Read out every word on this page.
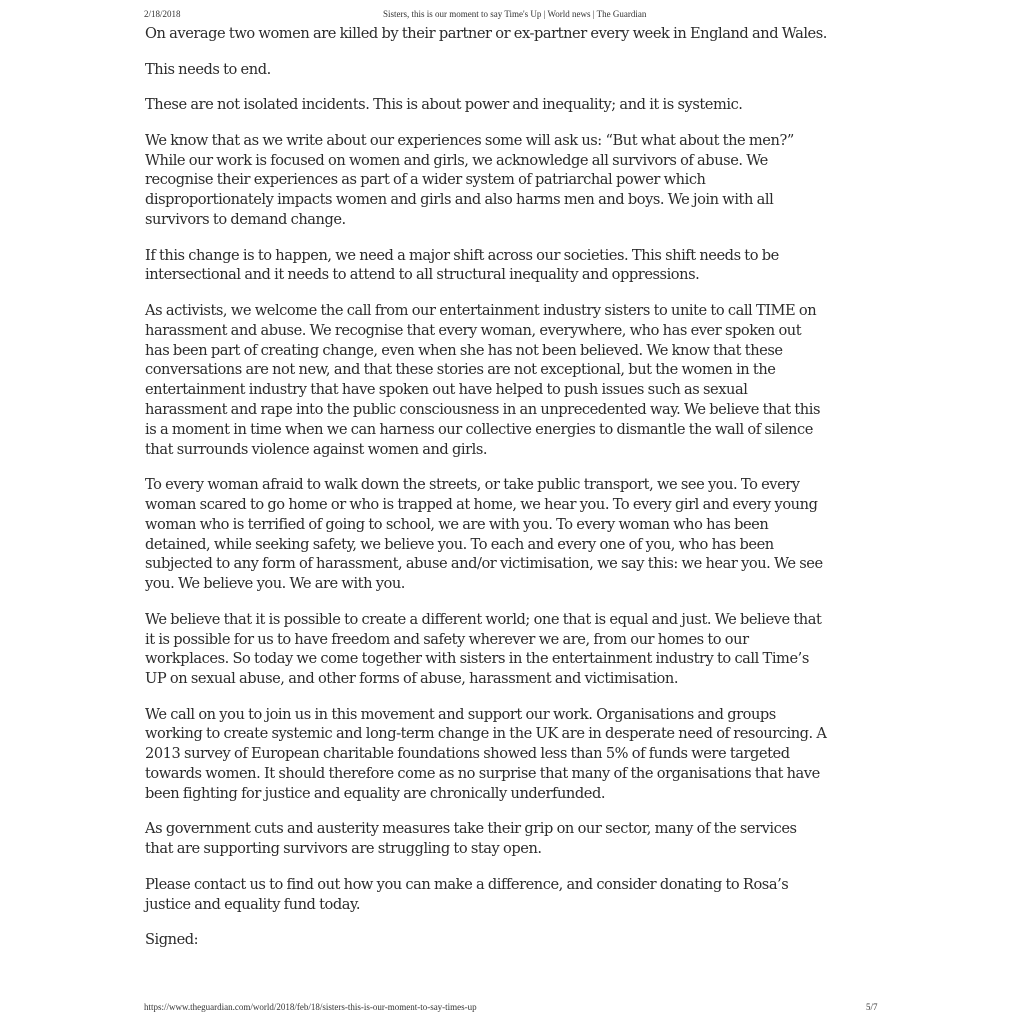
2/18/2018	Sisters, this is our moment to say Time's Up | World news | The Guardian

On average two women are killed by their partner or ex-partner every week in England and Wales.

This needs to end.

These are not isolated incidents. This is about power and inequality; and it is systemic.

We know that as we write about our experiences some will ask us: “But what about the men?”
While our work is focused on women and girls, we acknowledge all survivors of abuse. We
recognise their experiences as part of a wider system of patriarchal power which
disproportionately impacts women and girls and also harms men and boys. We join with all
survivors to demand change.

If this change is to happen, we need a major shift across our societies. This shift needs to be
intersectional and it needs to attend to all structural inequality and oppressions.

As activists, we welcome the call from our entertainment industry sisters to unite to call TIME on
harassment and abuse. We recognise that every woman, everywhere, who has ever spoken out
has been part of creating change, even when she has not been believed. We know that these
conversations are not new, and that these stories are not exceptional, but the women in the
entertainment industry that have spoken out have helped to push issues such as sexual
harassment and rape into the public consciousness in an unprecedented way. We believe that this
is a moment in time when we can harness our collective energies to dismantle the wall of silence
that surrounds violence against women and girls.

To every woman afraid to walk down the streets, or take public transport, we see you. To every
woman scared to go home or who is trapped at home, we hear you. To every girl and every young
woman who is terrified of going to school, we are with you. To every woman who has been
detained, while seeking safety, we believe you. To each and every one of you, who has been
subjected to any form of harassment, abuse and/or victimisation, we say this: we hear you. We see
you. We believe you. We are with you.

We believe that it is possible to create a different world; one that is equal and just. We believe that
it is possible for us to have freedom and safety wherever we are, from our homes to our
workplaces. So today we come together with sisters in the entertainment industry to call Time’s
UP on sexual abuse, and other forms of abuse, harassment and victimisation.

We call on you to join us in this movement and support our work. Organisations and groups
working to create systemic and long-term change in the UK are in desperate need of resourcing. A
2013 survey of European charitable foundations showed less than 5% of funds were targeted
towards women. It should therefore come as no surprise that many of the organisations that have
been fighting for justice and equality are chronically underfunded.

As government cuts and austerity measures take their grip on our sector, many of the services
that are supporting survivors are struggling to stay open.

Please contact us to find out how you can make a difference, and consider donating to Rosa’s
justice and equality fund today.

Signed:

https://www.theguardian.com/world/2018/feb/18/sisters-this-is-our-moment-to-say-times-up	5/7
